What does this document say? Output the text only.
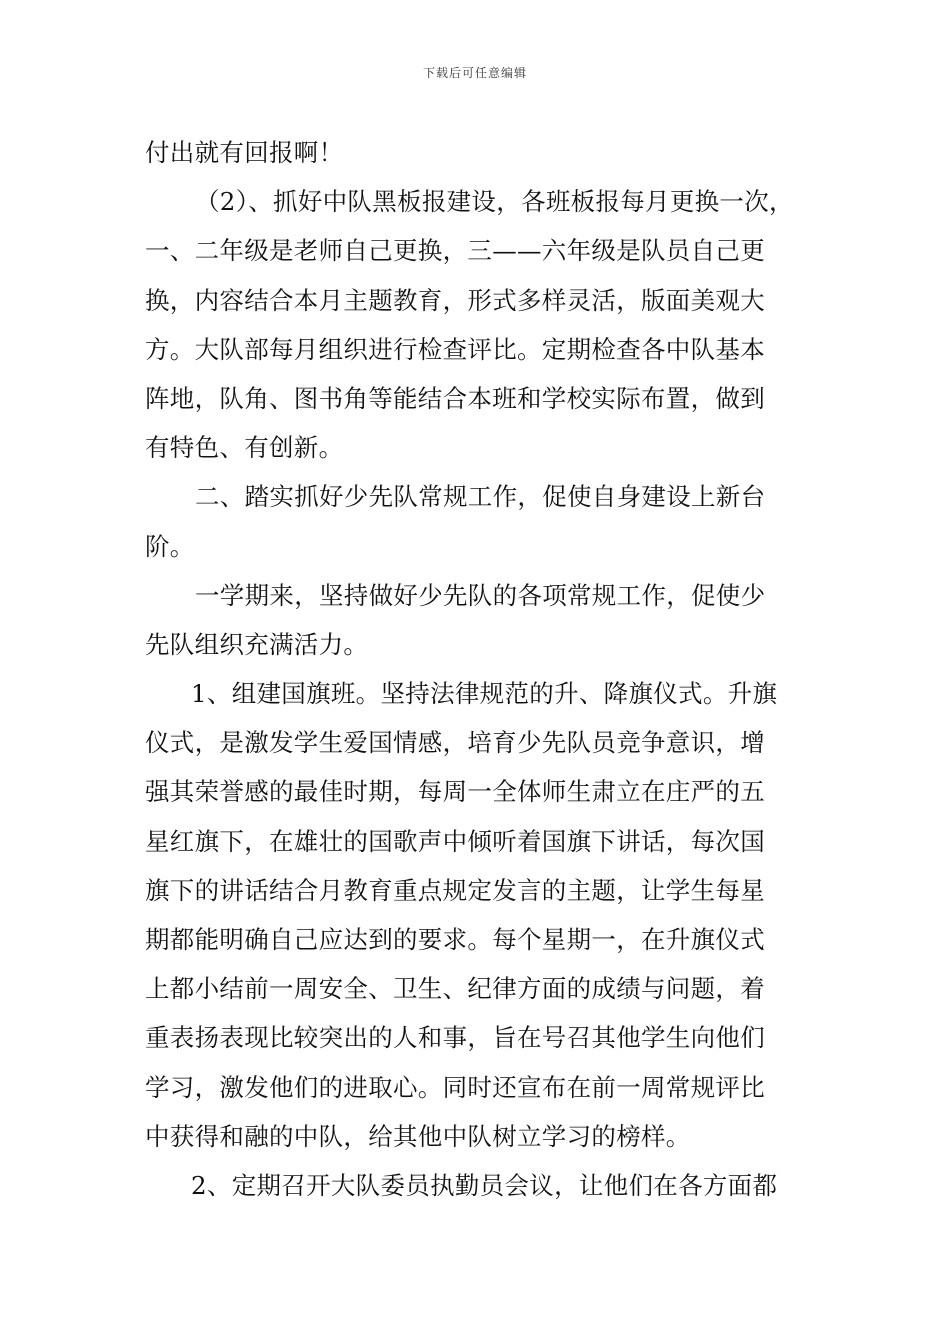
下载后可任意编辑
付出就有回报啊！
（2）、抓好中队黑板报建设，各班板报每月更换一次，
一、二年级是老师自己更换，三——六年级是队员自己更
换，内容结合本月主题教育，形式多样灵活，版面美观大
方。大队部每月组织进行检查评比。定期检查各中队基本
阵地，队角、图书角等能结合本班和学校实际布置，做到
有特色、有创新。
二、踏实抓好少先队常规工作，促使自身建设上新台
阶。
一学期来，坚持做好少先队的各项常规工作，促使少
先队组织充满活力。
1、组建国旗班。坚持法律规范的升、降旗仪式。升旗
仪式，是激发学生爱国情感，培育少先队员竞争意识，增
强其荣誉感的最佳时期，每周一全体师生肃立在庄严的五
星红旗下，在雄壮的国歌声中倾听着国旗下讲话，每次国
旗下的讲话结合月教育重点规定发言的主题，让学生每星
期都能明确自己应达到的要求。每个星期一，在升旗仪式
上都小结前一周安全、卫生、纪律方面的成绩与问题，着
重表扬表现比较突出的人和事，旨在号召其他学生向他们
学习，激发他们的进取心。同时还宣布在前一周常规评比
中获得和融的中队，给其他中队树立学习的榜样。
2、定期召开大队委员执勤员会议，让他们在各方面都
